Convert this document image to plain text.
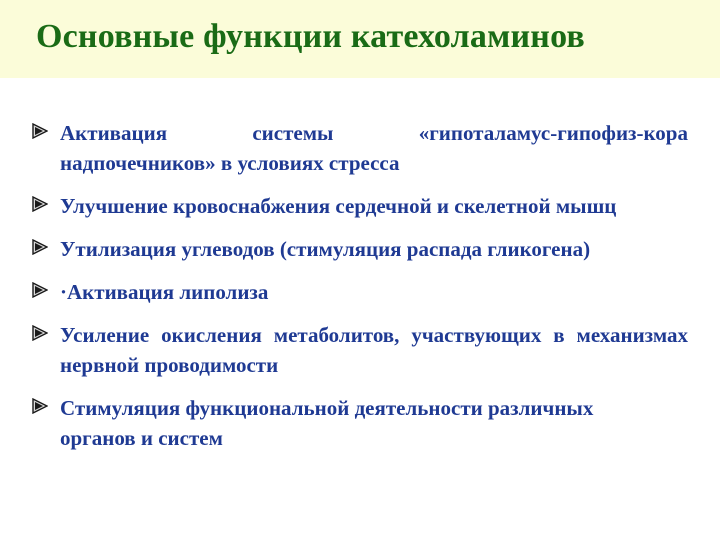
Основные функции катехоламинов
Активация системы «гипоталамус-гипофиз-кора надпочечников» в условиях стресса
Улучшение кровоснабжения сердечной и скелетной мышц
Утилизация углеводов (стимуляция распада гликогена)
·Активация липолиза
Усиление окисления метаболитов, участвующих в механизмах нервной проводимости
Стимуляция функциональной деятельности различных органов и систем
